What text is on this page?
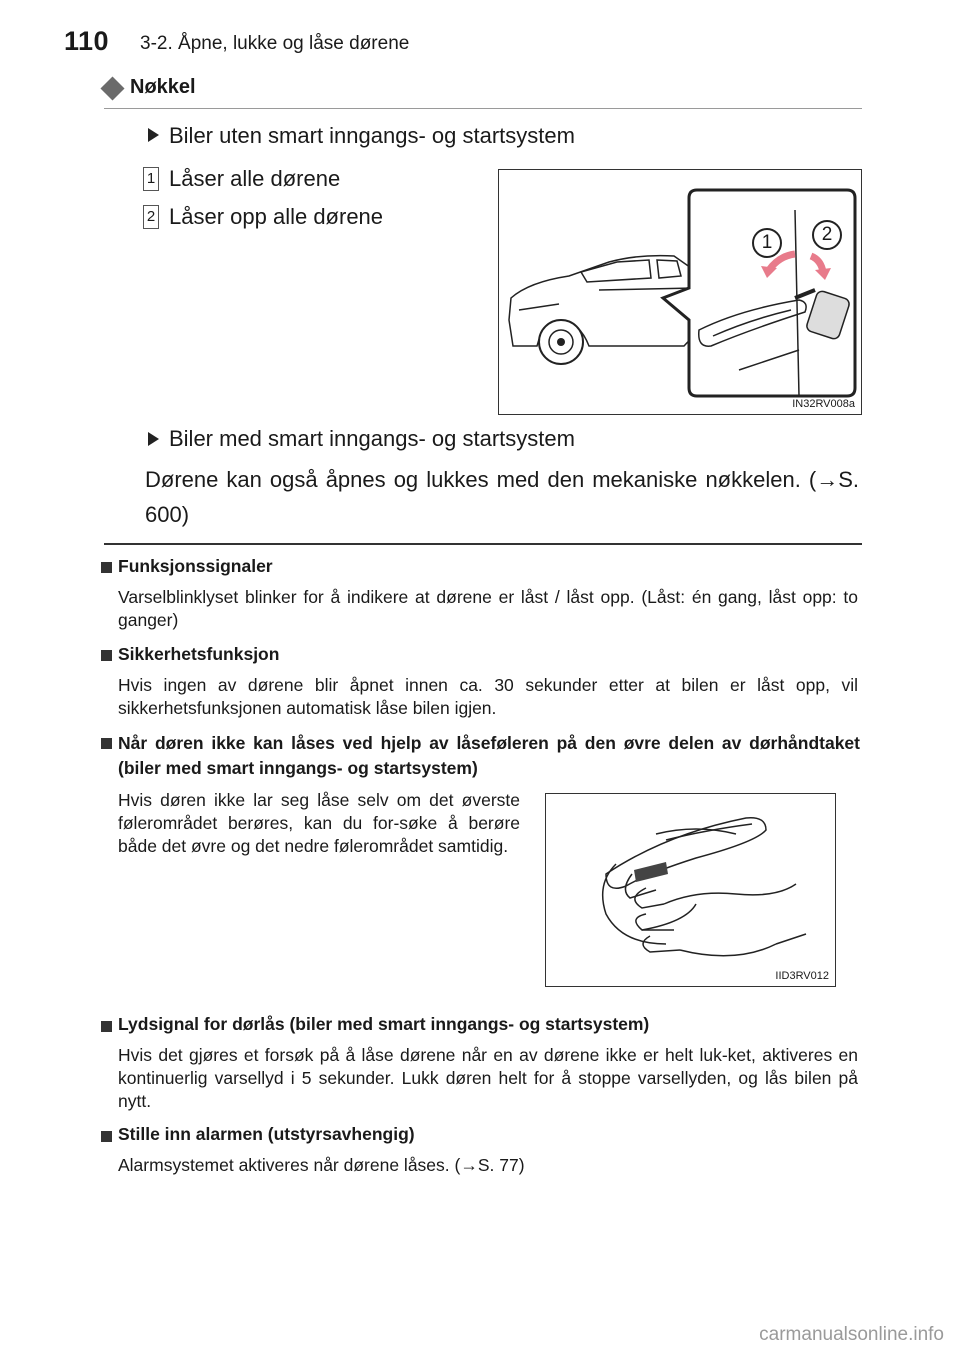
110 3-2. Åpne, lukke og låse dørene
Nøkkel
Biler uten smart inngangs- og startsystem
1 Låser alle dørene
2 Låser opp alle dørene
1	2
IN32RV008a
Biler med smart inngangs- og startsystem
Dørene kan også åpnes og lukkes med den mekaniske nøkkelen. (→S. 600)
Funksjonssignaler
Varselblinklyset blinker for å indikere at dørene er låst / låst opp. (Låst: én gang, låst opp: to ganger)
Sikkerhetsfunksjon
Hvis ingen av dørene blir åpnet innen ca. 30 sekunder etter at bilen er låst opp, vil sikkerhetsfunksjonen automatisk låse bilen igjen.
Når døren ikke kan låses ved hjelp av låseføleren på den øvre delen av dørhåndtaket (biler med smart inngangs- og startsystem)
Hvis døren ikke lar seg låse selv om det øverste følerområdet berøres, kan du for-søke å berøre både det øvre og det nedre følerområdet samtidig.
IID3RV012
Lydsignal for dørlås (biler med smart inngangs- og startsystem)
Hvis det gjøres et forsøk på å låse dørene når en av dørene ikke er helt luk-ket, aktiveres en kontinuerlig varsellyd i 5 sekunder. Lukk døren helt for å stoppe varsellyden, og lås bilen på nytt.
Stille inn alarmen (utstyrsavhengig)
Alarmsystemet aktiveres når dørene låses. (→S. 77)
carmanualsonline.info
